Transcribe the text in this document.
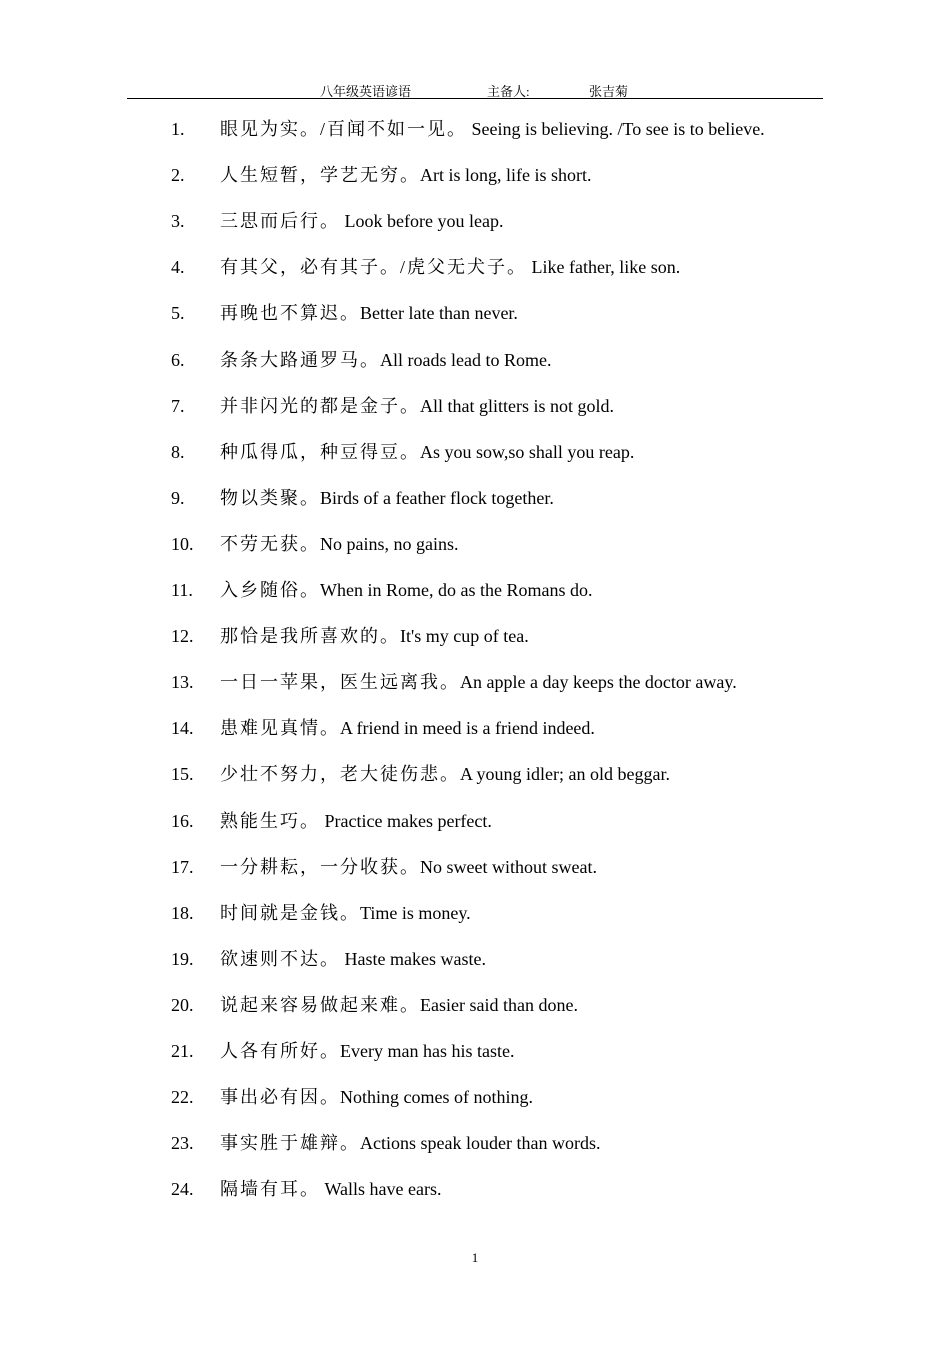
八年级英语谚语	主备人:	张吉菊
1. 眼见为实。/百闻不如一见。 Seeing is believing. /To see is to believe.
2. 人生短暂，学艺无穷。Art is long, life is short.
3. 三思而后行。 Look before you leap.
4. 有其父，必有其子。/虎父无犬子。 Like father, like son.
5. 再晚也不算迟。Better late than never.
6. 条条大路通罗马。All roads lead to Rome.
7. 并非闪光的都是金子。All that glitters is not gold.
8. 种瓜得瓜，种豆得豆。As you sow,so shall you reap.
9. 物以类聚。Birds of a feather flock together.
10. 不劳无获。No pains, no gains.
11. 入乡随俗。When in Rome, do as the Romans do.
12. 那恰是我所喜欢的。It's my cup of tea.
13. 一日一苹果，医生远离我。An apple a day keeps the doctor away.
14. 患难见真情。A friend in meed is a friend indeed.
15. 少壮不努力，老大徒伤悲。A young idler; an old beggar.
16. 熟能生巧。 Practice makes perfect.
17. 一分耕耘，一分收获。No sweet without sweat.
18. 时间就是金钱。Time is money.
19. 欲速则不达。 Haste makes waste.
20. 说起来容易做起来难。Easier said than done.
21. 人各有所好。Every man has his taste.
22. 事出必有因。Nothing comes of nothing.
23. 事实胜于雄辩。Actions speak louder than words.
24. 隔墙有耳。 Walls have ears.
1
